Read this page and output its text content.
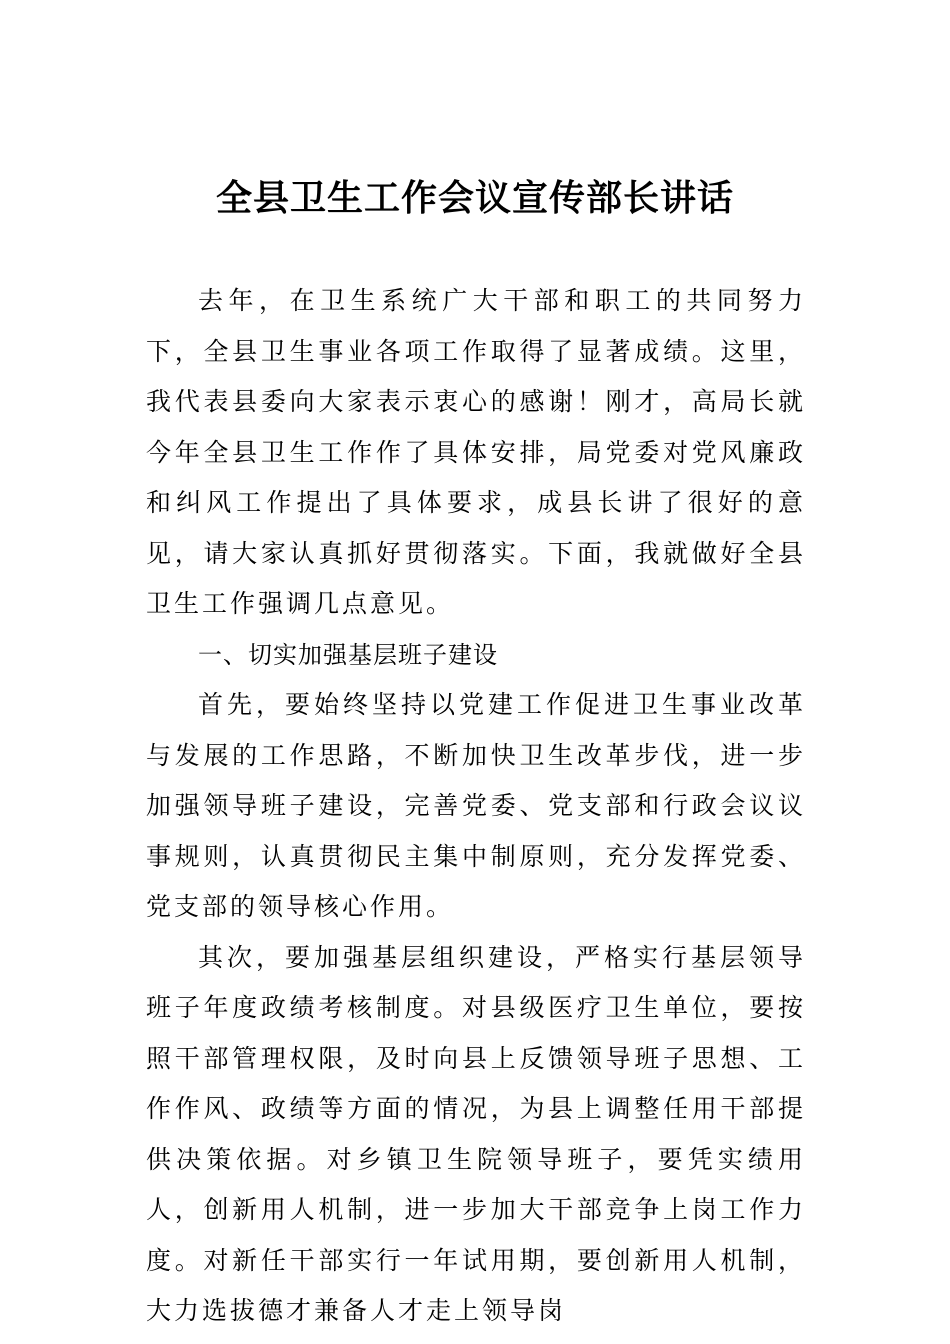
全县卫生工作会议宣传部长讲话

去年，在卫生系统广大干部和职工的共同努力下，全县卫生事业各项工作取得了显著成绩。这里，我代表县委向大家表示衷心的感谢！刚才，高局长就今年全县卫生工作作了具体安排，局党委对党风廉政和纠风工作提出了具体要求，成县长讲了很好的意见，请大家认真抓好贯彻落实。下面，我就做好全县卫生工作强调几点意见。

一、切实加强基层班子建设

首先，要始终坚持以党建工作促进卫生事业改革与发展的工作思路，不断加快卫生改革步伐，进一步加强领导班子建设，完善党委、党支部和行政会议议事规则，认真贯彻民主集中制原则，充分发挥党委、党支部的领导核心作用。

其次，要加强基层组织建设，严格实行基层领导班子年度政绩考核制度。对县级医疗卫生单位，要按照干部管理权限，及时向县上反馈领导班子思想、工作作风、政绩等方面的情况，为县上调整任用干部提供决策依据。对乡镇卫生院领导班子，要凭实绩用人，创新用人机制，进一步加大干部竞争上岗工作力度。对新任干部实行一年试用期，要创新用人机制，大力选拔德才兼备人才走上领导岗
